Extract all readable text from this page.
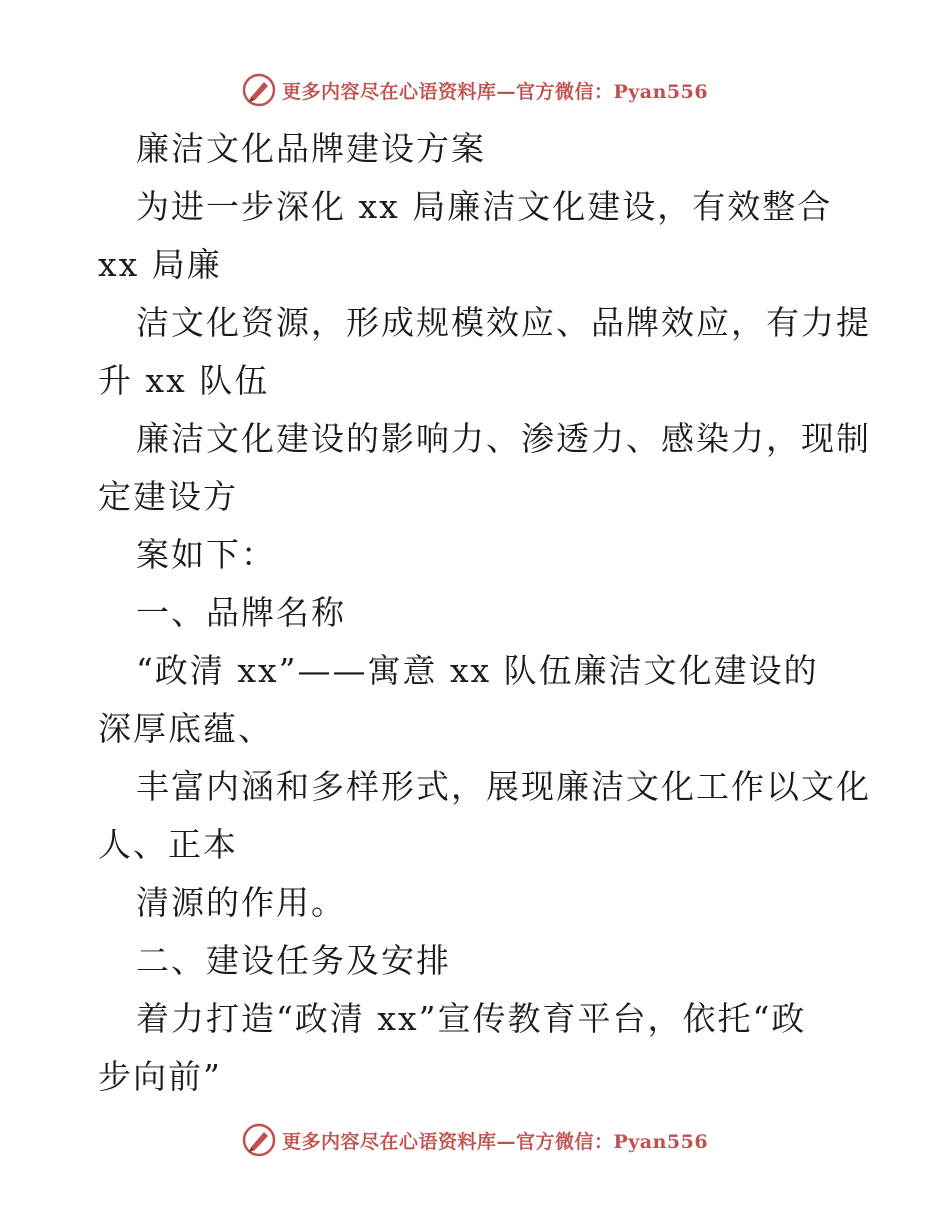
更多内容尽在心语资料库—官方微信：Pyan556

廉洁文化品牌建设方案

为进一步深化 xx 局廉洁文化建设，有效整合

xx 局廉

洁文化资源，形成规模效应、品牌效应，有力提

升 xx 队伍

廉洁文化建设的影响力、渗透力、感染力，现制

定建设方

案如下：

一、品牌名称

“政清 xx”——寓意 xx 队伍廉洁文化建设的

深厚底蕴、

丰富内涵和多样形式，展现廉洁文化工作以文化

人、正本

清源的作用。

二、建设任务及安排

着力打造“政清 xx”宣传教育平台，依托“政

步向前”

更多内容尽在心语资料库—官方微信：Pyan556
